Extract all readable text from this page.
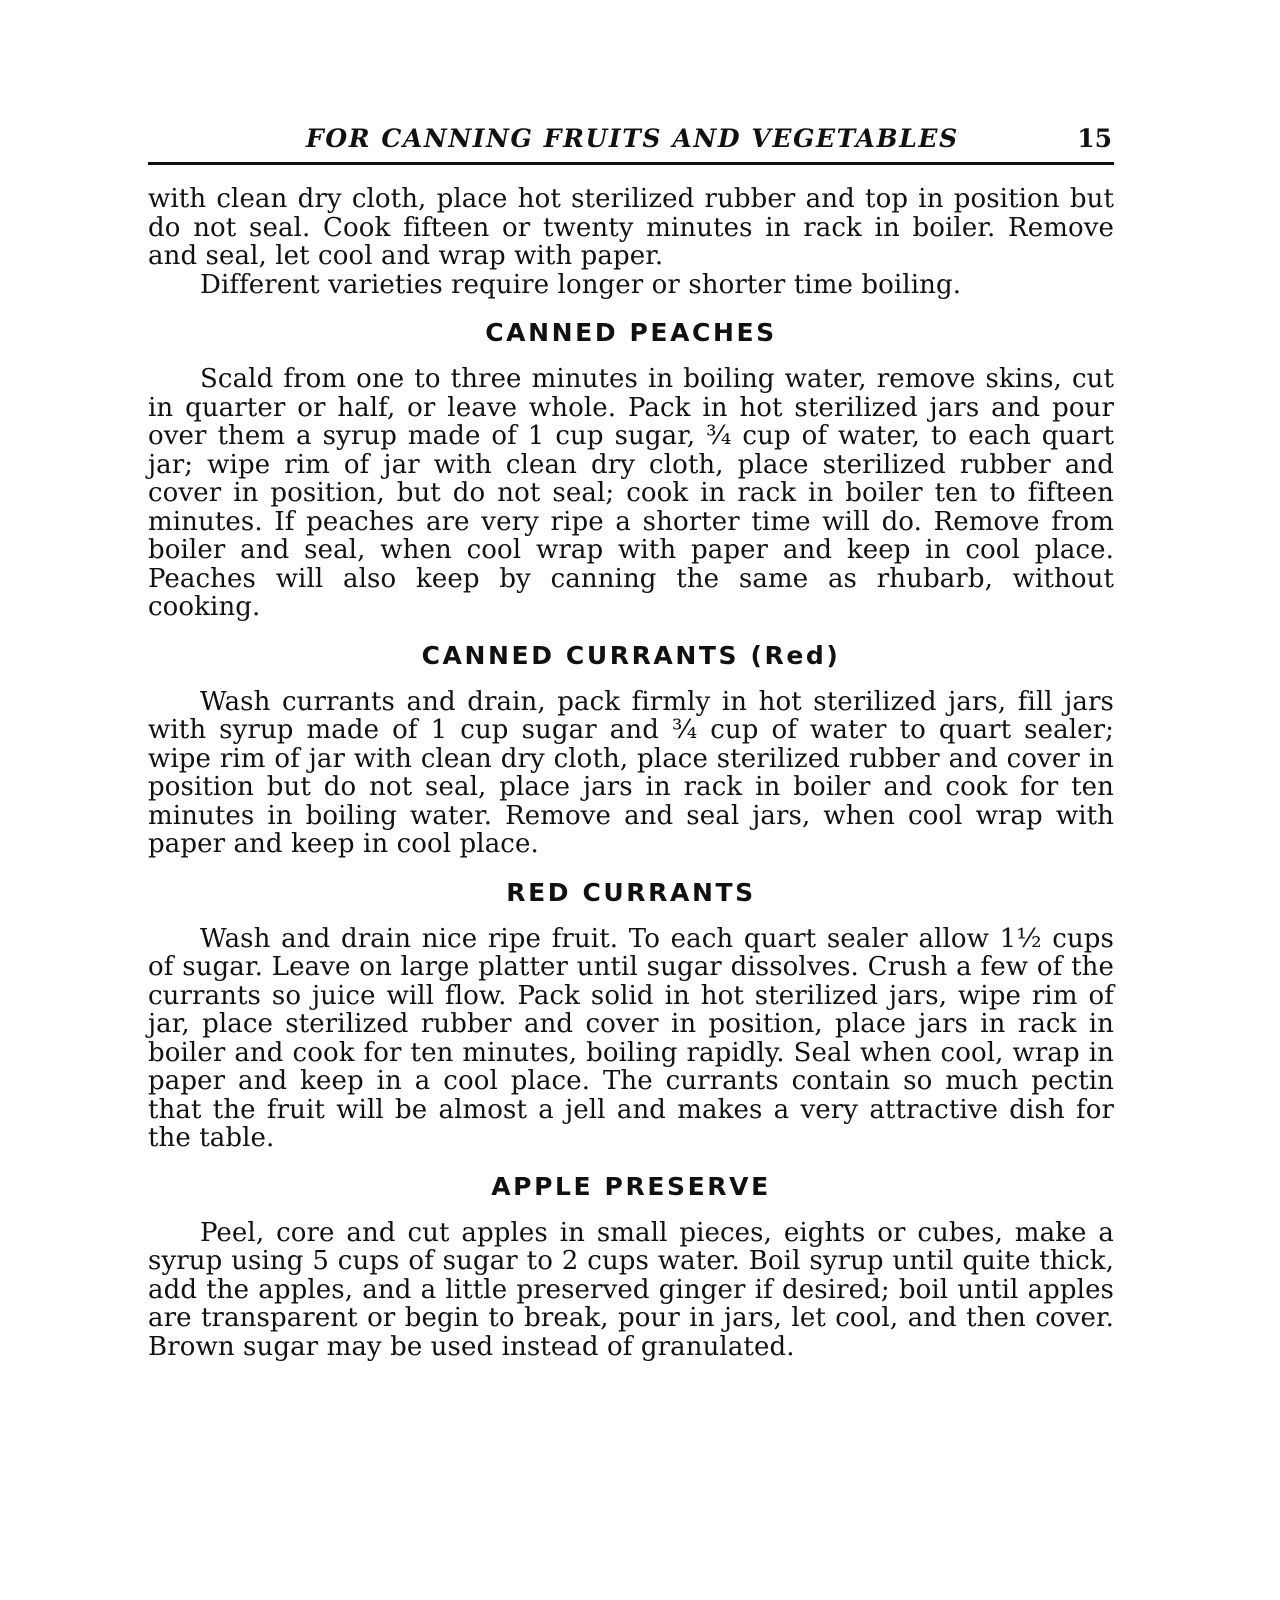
FOR CANNING FRUITS AND VEGETABLES	15

with clean dry cloth, place hot sterilized rubber and top in position but do not seal. Cook fifteen or twenty minutes in rack in boiler. Remove and seal, let cool and wrap with paper.

Different varieties require longer or shorter time boiling.

CANNED PEACHES

Scald from one to three minutes in boiling water, remove skins, cut in quarter or half, or leave whole. Pack in hot sterilized jars and pour over them a syrup made of 1 cup sugar, ¾ cup of water, to each quart jar; wipe rim of jar with clean dry cloth, place sterilized rubber and cover in position, but do not seal; cook in rack in boiler ten to fifteen minutes. If peaches are very ripe a shorter time will do. Remove from boiler and seal, when cool wrap with paper and keep in cool place. Peaches will also keep by canning the same as rhubarb, without cooking.

CANNED CURRANTS (Red)

Wash currants and drain, pack firmly in hot sterilized jars, fill jars with syrup made of 1 cup sugar and ¾ cup of water to quart sealer; wipe rim of jar with clean dry cloth, place sterilized rubber and cover in position but do not seal, place jars in rack in boiler and cook for ten minutes in boiling water. Remove and seal jars, when cool wrap with paper and keep in cool place.

RED CURRANTS

Wash and drain nice ripe fruit. To each quart sealer allow 1½ cups of sugar. Leave on large platter until sugar dissolves. Crush a few of the currants so juice will flow. Pack solid in hot sterilized jars, wipe rim of jar, place sterilized rubber and cover in position, place jars in rack in boiler and cook for ten minutes, boiling rapidly. Seal when cool, wrap in paper and keep in a cool place. The currants contain so much pectin that the fruit will be almost a jell and makes a very attractive dish for the table.

APPLE PRESERVE

Peel, core and cut apples in small pieces, eights or cubes, make a syrup using 5 cups of sugar to 2 cups water. Boil syrup until quite thick, add the apples, and a little preserved ginger if desired; boil until apples are transparent or begin to break, pour in jars, let cool, and then cover. Brown sugar may be used instead of granulated.
